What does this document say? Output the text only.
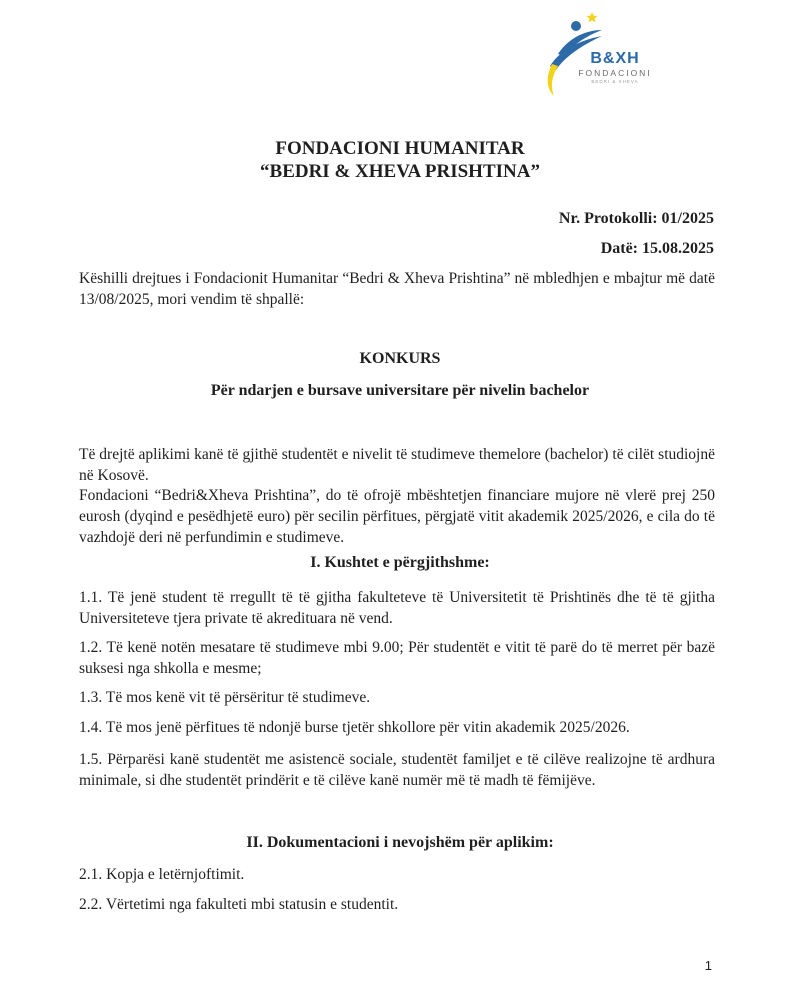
B&XH
FONDACIONI
BEDRI & XHEVA
FONDACIONI HUMANITAR
“BEDRI & XHEVA PRISHTINA”
Nr. Protokolli: 01/2025
Datë: 15.08.2025
Këshilli drejtues i Fondacionit Humanitar “Bedri & Xheva Prishtina” në mbledhjen e mbajtur më datë 13/08/2025, mori vendim të shpallë:
KONKURS
Për ndarjen e bursave universitare për nivelin bachelor
Të drejtë aplikimi kanë të gjithë studentët e nivelit të studimeve themelore (bachelor) të cilët studiojnë në Kosovë.
Fondacioni “Bedri&Xheva Prishtina”, do të ofrojë mbështetjen financiare mujore në vlerë prej 250 eurosh (dyqind e pesëdhjetë euro) për secilin përfitues, përgjatë vitit akademik 2025/2026, e cila do të vazhdojë deri në perfundimin e studimeve.
I. Kushtet e përgjithshme:
1.1. Të jenë student të rregullt të të gjitha fakulteteve të Universitetit të Prishtinës dhe të të gjitha Universiteteve tjera private të akredituara në vend.
1.2. Të kenë notën mesatare të studimeve mbi 9.00; Për studentët e vitit të parë do të merret për bazë suksesi nga shkolla e mesme;
1.3. Të mos kenë vit të përsëritur të studimeve.
1.4. Të mos jenë përfitues të ndonjë burse tjetër shkollore për vitin akademik 2025/2026.
1.5. Përparësi kanë studentët me asistencë sociale, studentët familjet e të cilëve realizojne të ardhura minimale, si dhe studentët prindërit e të cilëve kanë numër më të madh të fëmijëve.
II. Dokumentacioni i nevojshëm për aplikim:
2.1. Kopja e letërnjoftimit.
2.2. Vërtetimi nga fakulteti mbi statusin e studentit.
1
